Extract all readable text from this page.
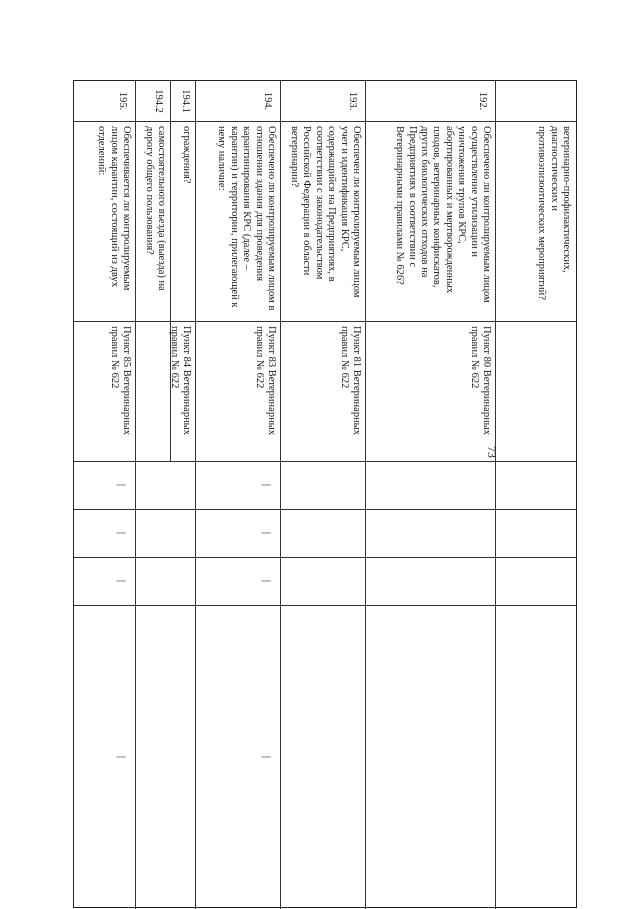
73
ветеринарно-профилактических, диагностических и противоэпизоотических мероприятий?
192.
Обеспечено ли контролируемым лицом осуществление утилизации и уничтожения трупов КРС, абортированных и мертворожденных плодов, ветеринарных конфискатов, других биологических отходов на Предприятиях в соответствии с Ветеринарными правилами № 626?
Пункт 80 Ветеринарных правил № 622
193.
Обеспечен ли контролируемым лицом учет и идентификация КРС, содержащийся на Предприятиях, в соответствии с законодательством Российской Федерации в области ветеринарии?
Пункт 81 Ветеринарных правил № 622
194.
Обеспечено ли контролируемым лицом в отношении здания для проведения карантинирования КРС (далее – карантин) и территории, прилегающей к нему наличие:
Пункт 83 Ветеринарных правил № 622
|
|
|
|
194.1
ограждения?
Пункт 84 Ветеринарных правил № 622
194.2
самостоятельного въезда (выезда) на дорогу общего пользования?
195.
Обеспечивается ли контролируемым лицом карантин, состоящий из двух отделений:
Пункт 85 Ветеринарных правил № 622
|
|
|
|
